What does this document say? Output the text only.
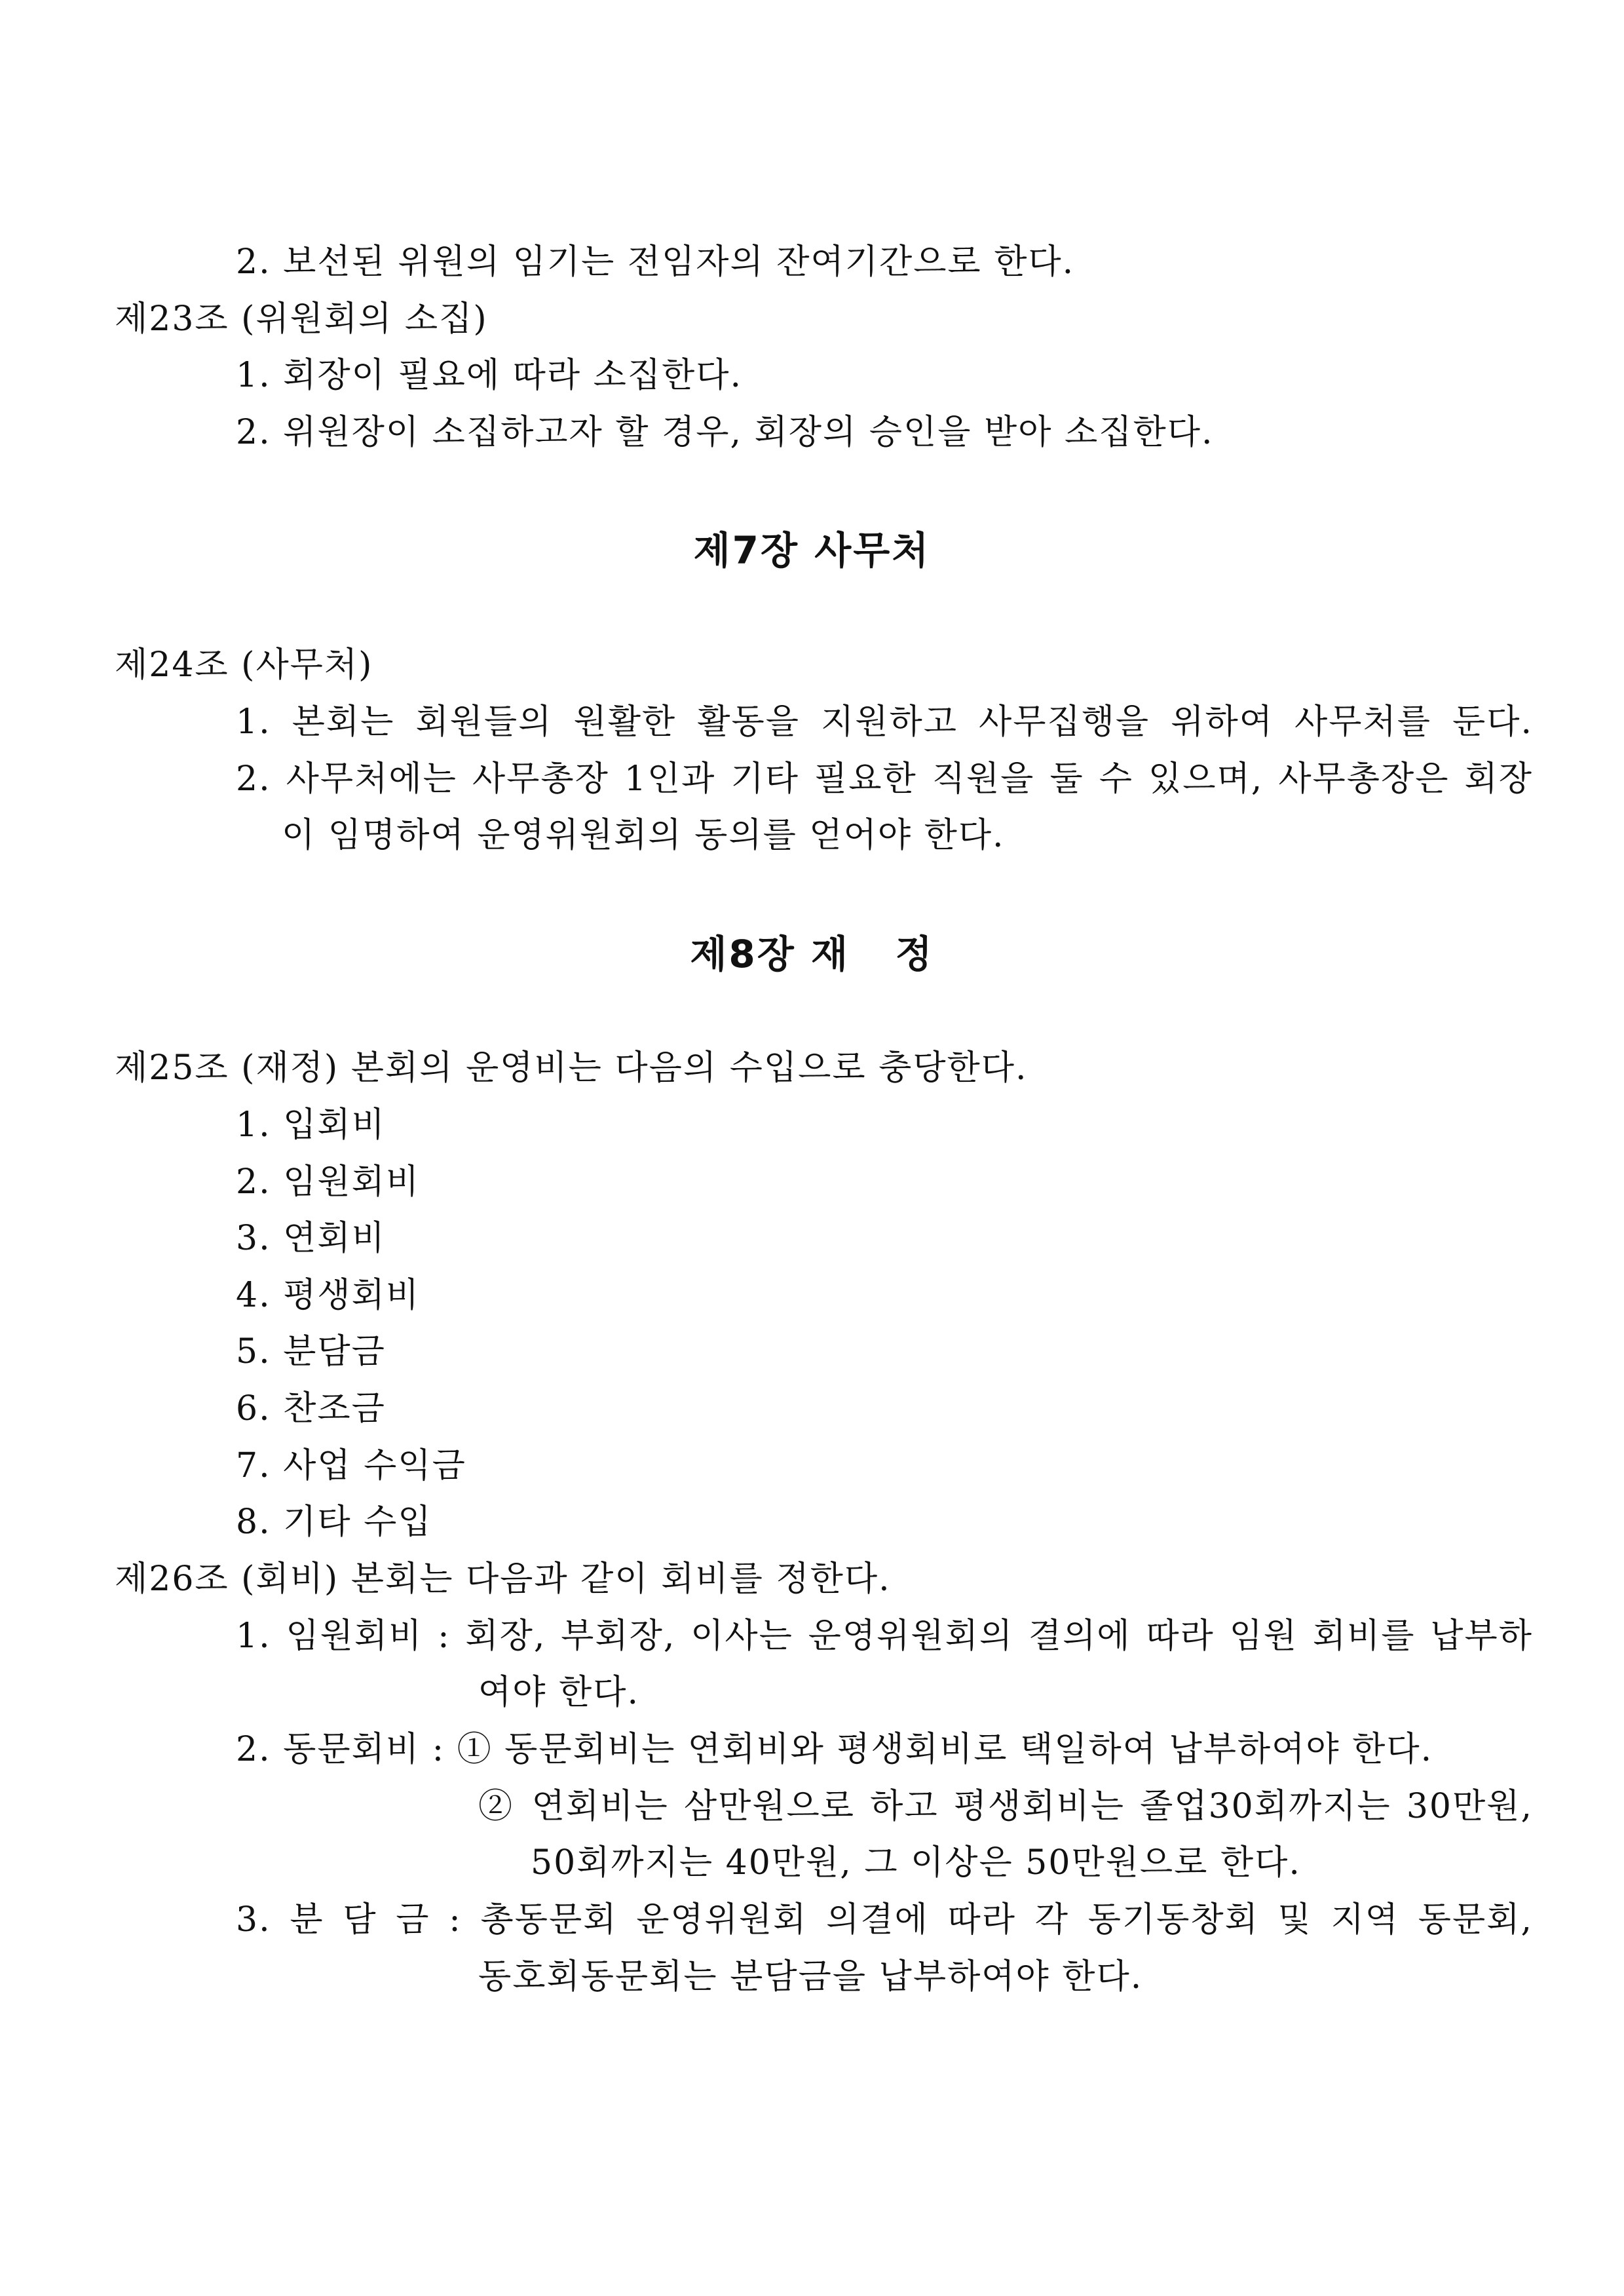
2. 보선된 위원의 임기는 전임자의 잔여기간으로 한다.
제23조 (위원회의 소집)
1. 회장이 필요에 따라 소집한다.
2. 위원장이 소집하고자 할 경우, 회장의 승인을 받아 소집한다.
제7장 사무처
제24조 (사무처)
1. 본회는 회원들의 원활한 활동을 지원하고 사무집행을 위하여 사무처를 둔다.
2. 사무처에는 사무총장 1인과 기타 필요한 직원을 둘 수 있으며, 사무총장은 회장
이 임명하여 운영위원회의 동의를 얻어야 한다.
제8장 재   정
제25조 (재정) 본회의 운영비는 다음의 수입으로 충당한다.
1. 입회비
2. 임원회비
3. 연회비
4. 평생회비
5. 분담금
6. 찬조금
7. 사업 수익금
8. 기타 수입
제26조 (회비) 본회는 다음과 같이 회비를 정한다.
1. 임원회비 : 회장, 부회장, 이사는 운영위원회의 결의에 따라 임원 회비를 납부하
여야 한다.
2. 동문회비 : ① 동문회비는 연회비와 평생회비로 택일하여 납부하여야 한다.
② 연회비는 삼만원으로 하고 평생회비는 졸업30회까지는 30만원,
50회까지는 40만원, 그 이상은 50만원으로 한다.
3. 분 담 금 : 총동문회 운영위원회 의결에 따라 각 동기동창회 및 지역 동문회,
동호회동문회는 분담금을 납부하여야 한다.
